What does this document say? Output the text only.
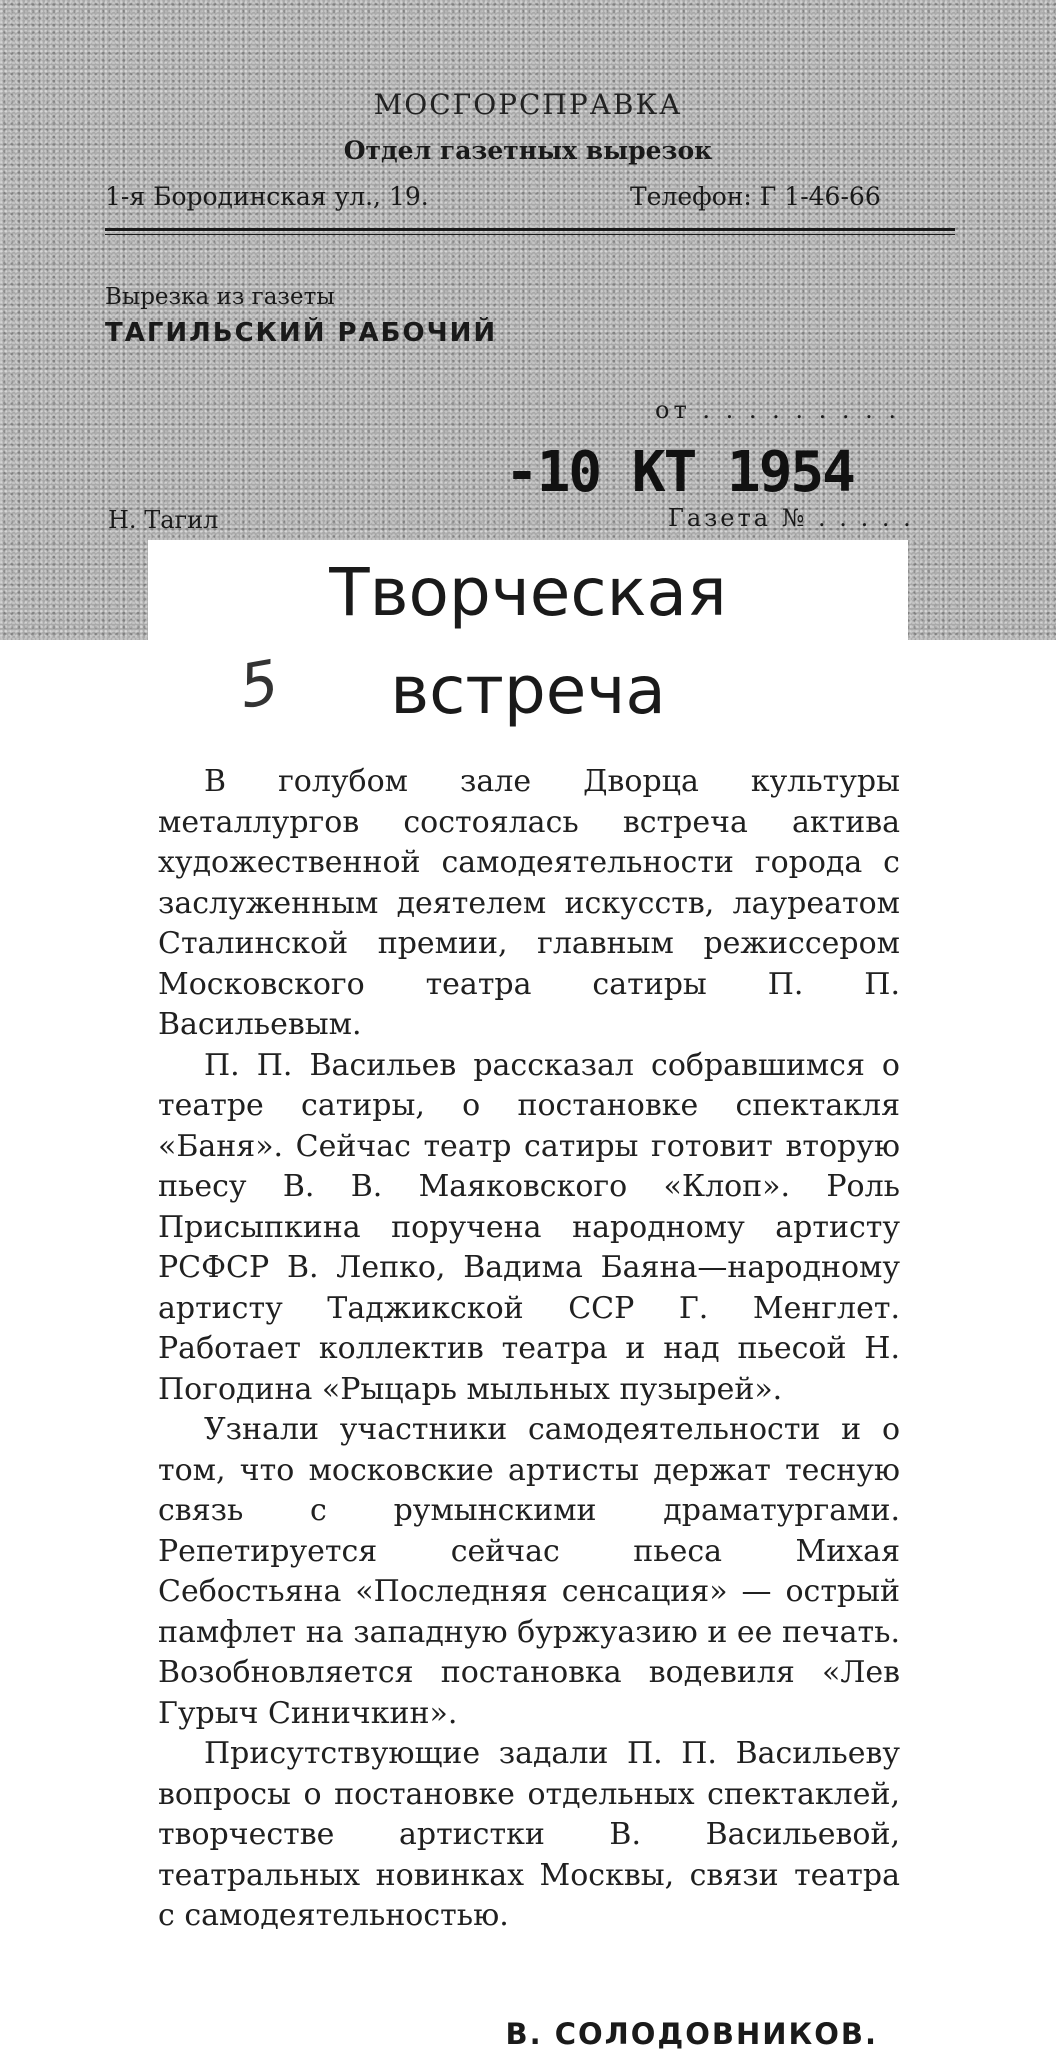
МОСГОРСПРАВКА
Отдел газетных вырезок
1-я Бородинская ул., 19.	Телефон: Г 1-46-66
Вырезка из газеты
ТАГИЛЬСКИЙ РАБОЧИЙ
от . . . . . . . . .
-10 КТ 1954
Н. Тагил	Газета № . . . . .
Творческая
5	встреча

В голубом зале Дворца культуры металлургов состоялась встреча актива художественной самодеятельности города с заслуженным деятелем искусств, лауреатом Сталинской премии, главным режиссером Московского театра сатиры П. П. Васильевым.

П. П. Васильев рассказал собравшимся о театре сатиры, о постановке спектакля «Баня». Сейчас театр сатиры готовит вторую пьесу В. В. Маяковского «Клоп». Роль Присыпкина поручена народному артисту РСФСР В. Лепко, Вадима Баяна—народному артисту Таджикской ССР Г. Менглет. Работает коллектив театра и над пьесой Н. Погодина «Рыцарь мыльных пузырей».

Узнали участники самодеятельности и о том, что московские артисты держат тесную связь с румынскими драматургами. Репетируется сейчас пьеса Михая Себостьяна «Последняя сенсация» — острый памфлет на западную буржуазию и ее печать. Возобновляется постановка водевиля «Лев Гурыч Синичкин».

Присутствующие задали П. П. Васильеву вопросы о постановке отдельных спектаклей, творчестве артистки В. Васильевой, театральных новинках Москвы, связи театра с самодеятельностью.

В. СОЛОДОВНИКОВ.
